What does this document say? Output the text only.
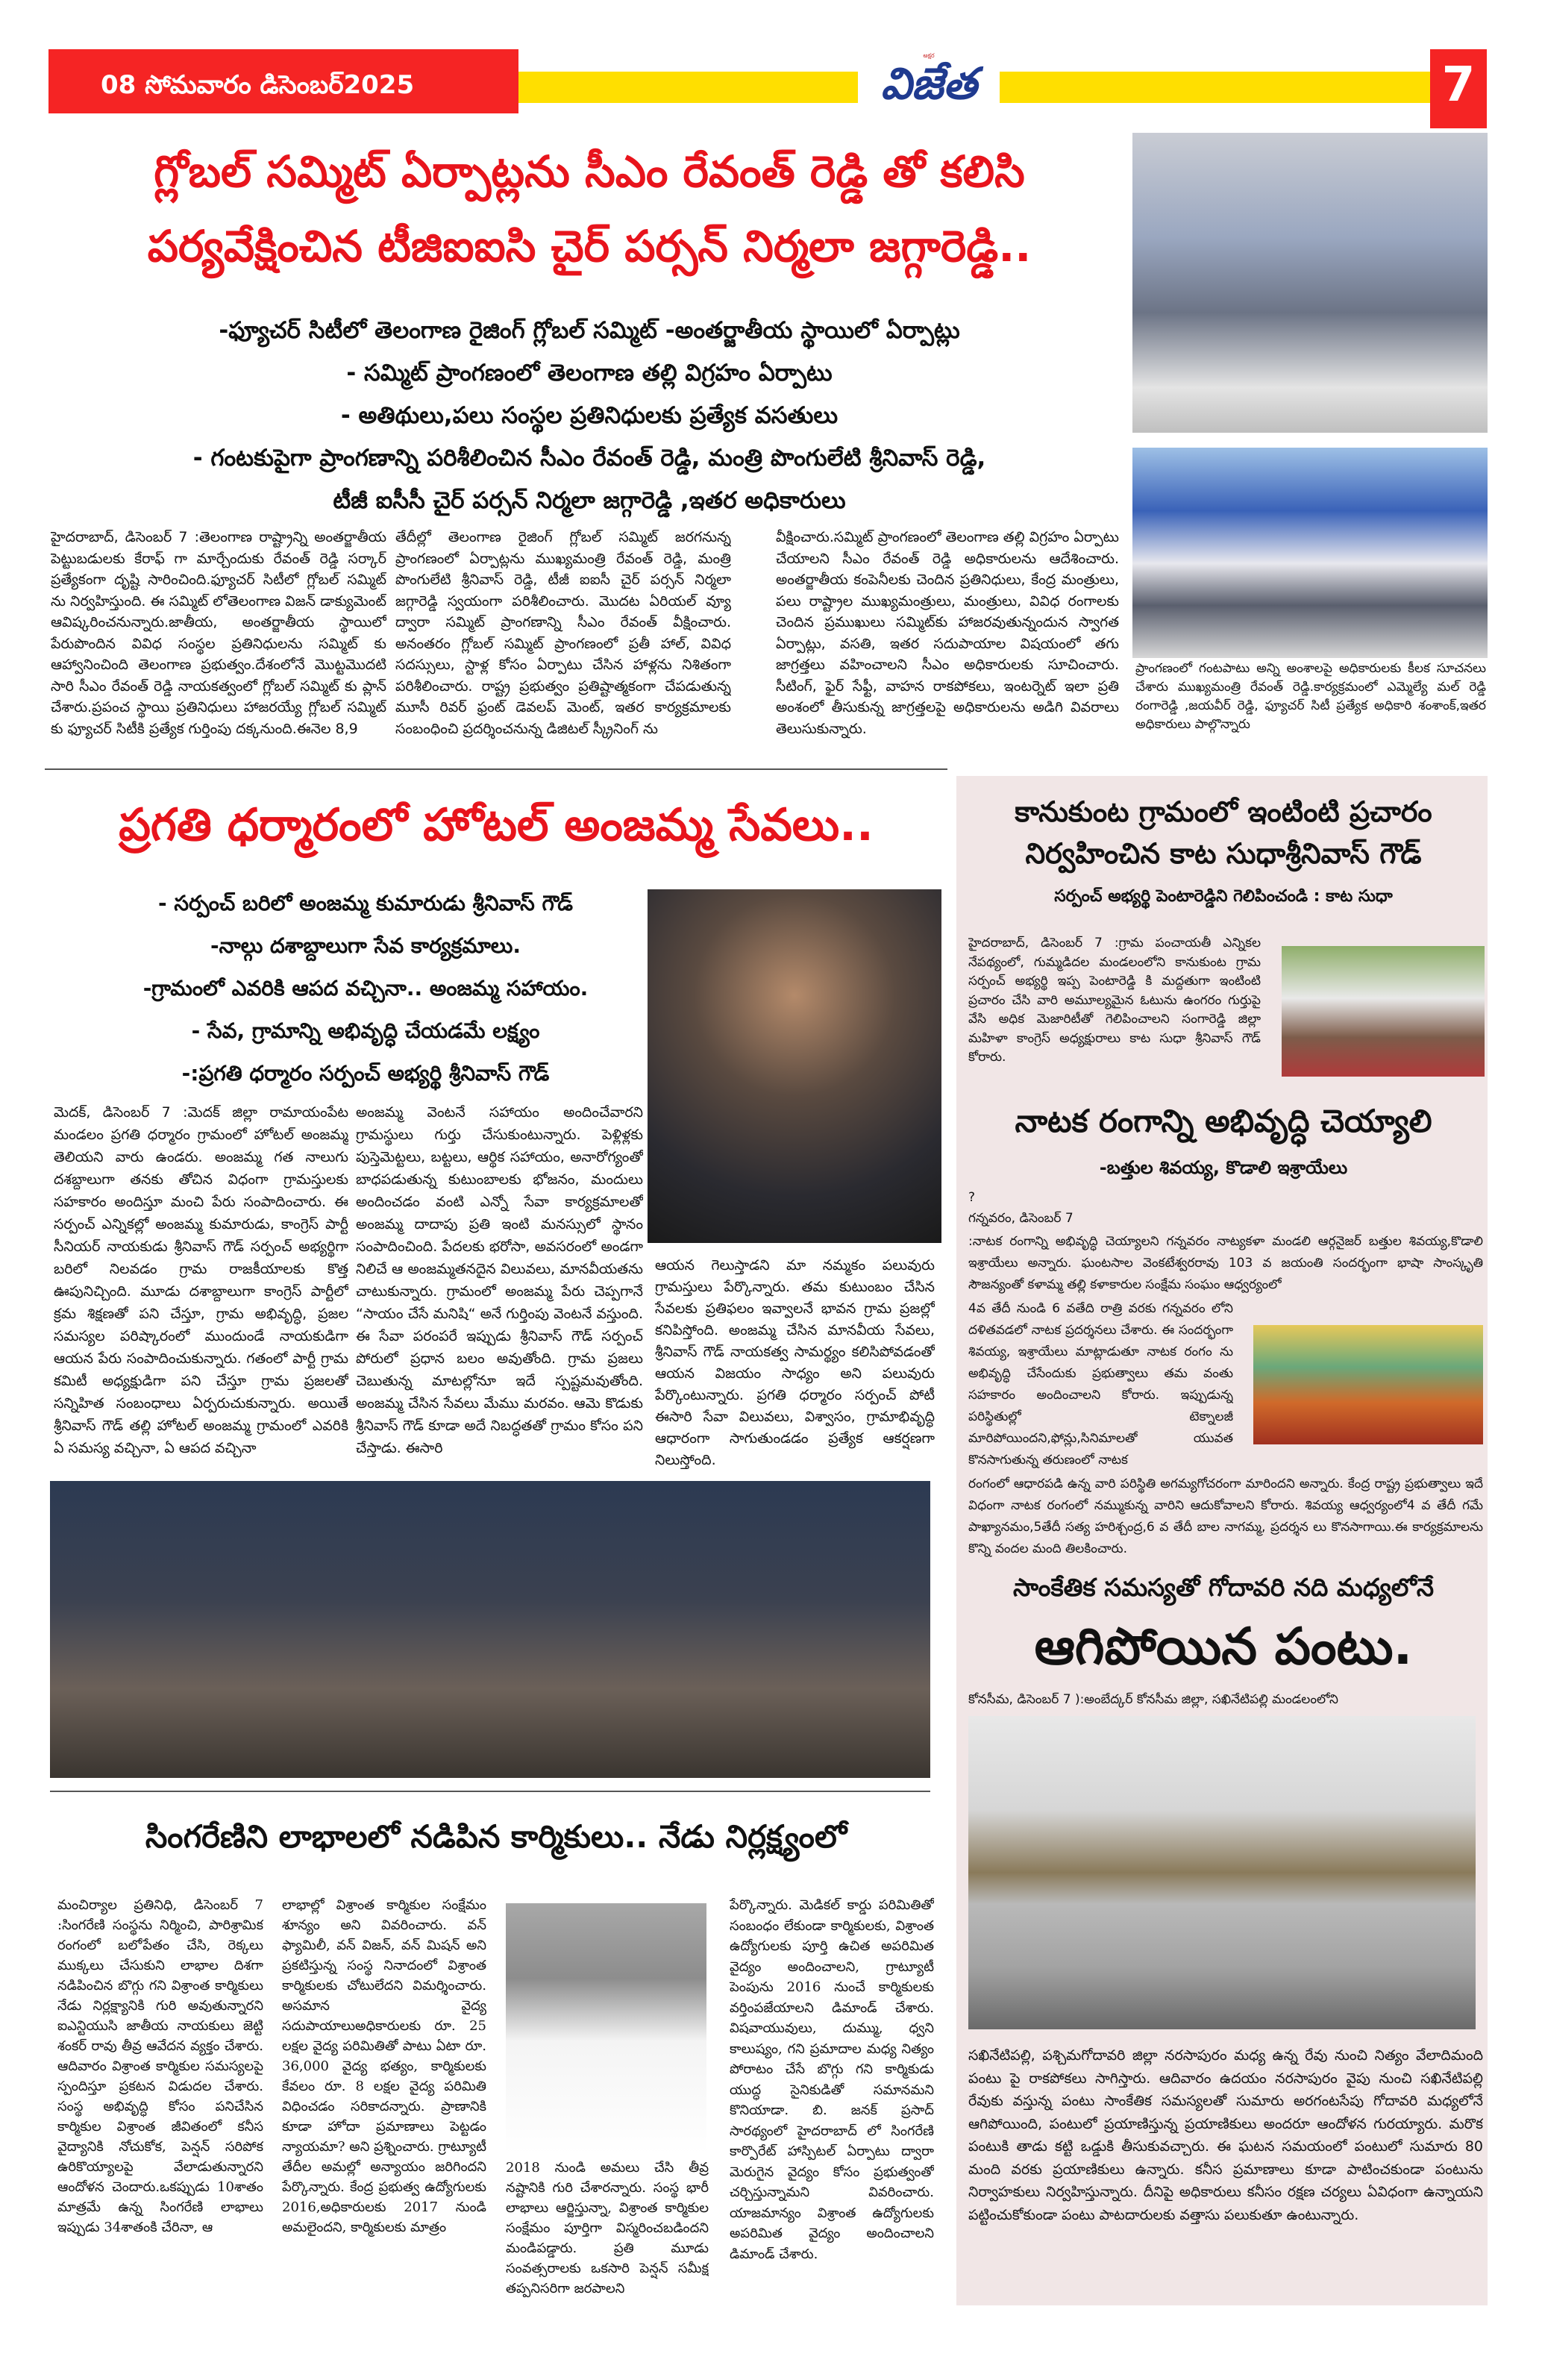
08 సోమవారం డిసెంబర్2025
అక్షర
విజేత	7
గ్లోబల్ సమ్మిట్ ఏర్పాట్లను సీఎం రేవంత్ రెడ్డి తో కలిసి
పర్యవేక్షించిన టీజిఐఐసి చైర్ పర్సన్ నిర్మలా జగ్గారెడ్డి..
-ఫ్యూచర్ సిటీలో తెలంగాణ రైజింగ్ గ్లోబల్ సమ్మిట్ -అంతర్జాతీయ స్థాయిలో ఏర్పాట్లు
- సమ్మిట్ ప్రాంగణంలో తెలంగాణ తల్లి విగ్రహం ఏర్పాటు
- అతిథులు,పలు సంస్థల ప్రతినిధులకు ప్రత్యేక వసతులు
- గంటకుపైగా ప్రాంగణాన్ని పరిశీలించిన సీఎం రేవంత్ రెడ్డి, మంత్రి పొంగులేటి శ్రీనివాస్ రెడ్డి,
టీజీ ఐసీసీ చైర్ పర్సన్ నిర్మలా జగ్గారెడ్డి ,ఇతర అధికారులు
హైదరాబాద్, డిసెంబర్ 7 :తెలంగాణ రాష్ట్రాన్ని అంతర్జాతీయ పెట్టుబడులకు కేరాఫ్ గా మార్చేందుకు రేవంత్ రెడ్డి సర్కార్ ప్రత్యేకంగా దృష్టి సారించింది.ఫ్యూచర్ సిటీలో గ్లోబల్ సమ్మిట్ ను నిర్వహిస్తుంది. ఈ సమ్మిట్ లోతెలంగాణ విజన్ డాక్యుమెంట్ ఆవిష్కరించనున్నారు.జాతీయ, అంతర్జాతీయ స్థాయిలో పేరుపొందిన వివిధ సంస్థల ప్రతినిధులను సమ్మిట్ కు ఆహ్వానించింది తెలంగాణ ప్రభుత్వం.దేశంలోనే మొట్టమొదటి సారి సీఎం రేవంత్ రెడ్డి నాయకత్వంలో గ్లోబల్ సమ్మిట్ కు ప్లాన్ చేశారు.ప్రపంచ స్థాయి ప్రతినిధులు హాజరయ్యే గ్లోబల్ సమ్మిట్ కు ఫ్యూచర్ సిటీకి ప్రత్యేక గుర్తింపు దక్కనుంది.ఈనెల 8,9
తేదీల్లో తెలంగాణ రైజింగ్ గ్లోబల్ సమ్మిట్ జరగనున్న ప్రాంగణంలో ఏర్పాట్లను ముఖ్యమంత్రి రేవంత్ రెడ్డి, మంత్రి పొంగులేటి శ్రీనివాస్ రెడ్డి, టీజీ ఐఐసీ చైర్ పర్సన్ నిర్మలా జగ్గారెడ్డి స్వయంగా పరిశీలించారు. మొదట ఏరియల్ వ్యూ ద్వారా సమ్మిట్ ప్రాంగణాన్ని సీఎం రేవంత్ వీక్షించారు. అనంతరం గ్లోబల్ సమ్మిట్ ప్రాంగణంలో ప్రతీ హాల్, వివిధ సదస్సులు, స్టాళ్ల కోసం ఏర్పాటు చేసిన హాళ్లను నిశితంగా పరిశీలించారు. రాష్ట్ర ప్రభుత్వం ప్రతిష్టాత్మకంగా చేపడుతున్న మూసీ రివర్ ఫ్రంట్ డెవలప్ మెంట్, ఇతర కార్యక్రమాలకు సంబంధించి ప్రదర్శించనున్న డిజిటల్ స్క్రీనింగ్ ను
వీక్షించారు.సమ్మిట్ ప్రాంగణంలో తెలంగాణ తల్లి విగ్రహం ఏర్పాటు చేయాలని సీఎం రేవంత్ రెడ్డి అధికారులను ఆదేశించారు. అంతర్జాతీయ కంపెనీలకు చెందిన ప్రతినిధులు, కేంద్ర మంత్రులు, పలు రాష్ట్రాల ముఖ్యమంత్రులు, మంత్రులు, వివిధ రంగాలకు చెందిన ప్రముఖులు సమ్మిట్‌కు హాజరవుతున్నందున స్వాగత ఏర్పాట్లు, వసతి, ఇతర సదుపాయాల విషయంలో తగు జాగ్రత్తలు వహించాలని సీఎం అధికారులకు సూచించారు. సీటింగ్, ఫైర్ సేఫ్టీ, వాహన రాకపోకలు, ఇంటర్నెట్ ఇలా ప్రతి అంశంలో తీసుకున్న జాగ్రత్తలపై అధికారులను అడిగి వివరాలు తెలుసుకున్నారు.
ప్రాంగణంలో గంటపాటు అన్ని అంశాలపై అధికారులకు కీలక సూచనలు చేశారు ముఖ్యమంత్రి రేవంత్ రెడ్డి.కార్యక్రమంలో ఎమ్మెల్యే మల్ రెడ్డి రంగారెడ్డి ,జయవీర్ రెడ్డి, ఫ్యూచర్ సిటీ ప్రత్యేక అధికారి శంశాంక్,ఇతర అధికారులు పాల్గొన్నారు
ప్రగతి ధర్మారంలో హోటల్ అంజమ్మ సేవలు..
- సర్పంచ్ బరిలో అంజమ్మ కుమారుడు శ్రీనివాస్ గౌడ్
-నాల్గు దశాబ్దాలుగా సేవ కార్యక్రమాలు.
-గ్రామంలో ఎవరికి ఆపద వచ్చినా.. అంజమ్మ సహాయం.
- సేవ, గ్రామాన్ని అభివృద్ధి చేయడమే లక్ష్యం
-:ప్రగతి ధర్మారం సర్పంచ్ అభ్యర్థి శ్రీనివాస్ గౌడ్
మెదక్, డిసెంబర్ 7 :మెదక్ జిల్లా రామాయంపేట మండలం ప్రగతి ధర్మారం గ్రామంలో హోటల్ అంజమ్మ తెలియని వారు ఉండరు. అంజమ్మ గత నాలుగు దశబ్దాలుగా తనకు తోచిన విధంగా గ్రామస్తులకు సహకారం అందిస్తూ మంచి పేరు సంపాదించారు. ఈ సర్పంచ్ ఎన్నికల్లో అంజమ్మ కుమారుడు, కాంగ్రెస్ పార్టీ సీనియర్ నాయకుడు శ్రీనివాస్ గౌడ్ సర్పంచ్ అభ్యర్థిగా బరిలో నిలవడం గ్రామ రాజకీయాలకు కొత్త ఊపునిచ్చింది. మూడు దశాబ్దాలుగా కాంగ్రెస్ పార్టీలో క్రమ శిక్షణతో పని చేస్తూ, గ్రామ అభివృద్ధి, ప్రజల సమస్యల పరిష్కారంలో ముందుండే నాయకుడిగా ఆయన పేరు సంపాదించుకున్నారు. గతంలో పార్టీ గ్రామ కమిటీ అధ్యక్షుడిగా పని చేస్తూ గ్రామ ప్రజలతో సన్నిహిత సంబంధాలు ఏర్పరుచుకున్నారు. అయితే శ్రీనివాస్ గౌడ్ తల్లి హోటల్ అంజమ్మ గ్రామంలో ఎవరికి ఏ సమస్య వచ్చినా, ఏ ఆపద వచ్చినా
అంజమ్మ వెంటనే సహాయం అందించేవారని గ్రామస్థులు గుర్తు చేసుకుంటున్నారు. పెళ్లిళ్లకు పుస్తెమెట్టలు, బట్టలు, ఆర్థిక సహాయం, అనారోగ్యంతో బాధపడుతున్న కుటుంబాలకు భోజనం, మందులు అందించడం వంటి ఎన్నో సేవా కార్యక్రమాలతో అంజమ్మ దాదాపు ప్రతి ఇంటి మనస్సులో స్థానం సంపాదించింది. పేదలకు భరోసా, అవసరంలో అండగా నిలిచే ఆ అంజమ్మతనదైన విలువలు, మానవీయతను చాటుకున్నారు. గ్రామంలో అంజమ్మ పేరు చెప్పగానే “సాయం చేసే మనిషి“ అనే గుర్తింపు వెంటనే వస్తుంది. ఈ సేవా పరంపరే ఇప్పుడు శ్రీనివాస్ గౌడ్ సర్పంచ్ పోరులో ప్రధాన బలం అవుతోంది. గ్రామ ప్రజలు చెబుతున్న మాటల్లోనూ ఇదే స్పష్టమవుతోంది. అంజమ్మ చేసిన సేవలు మేము మరవం. ఆమె కొడుకు శ్రీనివాస్ గౌడ్ కూడా అదే నిబద్ధతతో గ్రామం కోసం పని చేస్తాడు. ఈసారి
ఆయన గెలుస్తాడని మా నమ్మకం పలువురు గ్రామస్తులు పేర్కొన్నారు. తమ కుటుంబం చేసిన సేవలకు ప్రతిఫలం ఇవ్వాలనే భావన గ్రామ ప్రజల్లో కనిపిస్తోంది. అంజమ్మ చేసిన మానవీయ సేవలు, శ్రీనివాస్ గౌడ్ నాయకత్వ సామర్థ్యం కలిసిపోవడంతో ఆయన విజయం సాధ్యం అని పలువురు పేర్కొంటున్నారు. ప్రగతి ధర్మారం సర్పంచ్ పోటీ ఈసారి సేవా విలువలు, విశ్వాసం, గ్రామాభివృద్ధి ఆధారంగా సాగుతుండడం ప్రత్యేక ఆకర్షణగా నిలుస్తోంది.
సింగరేణిని లాభాలలో నడిపిన కార్మికులు.. నేడు నిర్లక్ష్యంలో
మంచిర్యాల ప్రతినిధి, డిసెంబర్ 7 :సింగరేణి సంస్థను నిర్మించి, పారిశ్రామిక రంగంలో బలోపేతం చేసి, రెక్కలు ముక్కలు చేసుకుని లాభాల దిశగా నడిపించిన బొగ్గు గని విశ్రాంత కార్మికులు నేడు నిర్లక్ష్యానికి గురి అవుతున్నారని ఐఎన్టియుసి జాతీయ నాయకులు జెట్టి శంకర్ రావు తీవ్ర ఆవేదన వ్యక్తం చేశారు. ఆదివారం విశ్రాంత కార్మికుల సమస్యలపై స్పందిస్తూ ప్రకటన విడుదల చేశారు. సంస్థ అభివృద్ధి కోసం పనిచేసిన కార్మికుల విశ్రాంత జీవితంలో కనీస వైద్యానికి నోచుకోక, పెన్షన్ సరిపోక ఉరికొయ్యాలపై వేలాడుతున్నారని ఆందోళన చెందారు.ఒకప్పుడు 10శాతం మాత్రమే ఉన్న సింగరేణి లాభాలు ఇప్పుడు 34శాతంకి చేరినా, ఆ
లాభాల్లో విశ్రాంత కార్మికుల సంక్షేమం శూన్యం అని వివరించారు. వన్ ఫ్యామిలీ, వన్ విజన్, వన్ మిషన్ అని ప్రకటిస్తున్న సంస్థ నినాదంలో విశ్రాంత కార్మికులకు చోటులేదని విమర్శించారు. అసమాన వైద్య సదుపాయాలుఅధికారులకు రూ. 25 లక్షల వైద్య పరిమితితో పాటు ఏటా రూ. 36,000 వైద్య భత్యం, కార్మికులకు కేవలం రూ. 8 లక్షల వైద్య పరిమితి విధించడం సరికాదన్నారు. ప్రాణానికి కూడా హోదా ప్రమాణాలు పెట్టడం న్యాయమా? అని ప్రశ్నించారు. గ్రాట్యూటీ తేదీల అమల్లో అన్యాయం జరిగిందని పేర్కొన్నారు. కేంద్ర ప్రభుత్వ ఉద్యోగులకు 2016,అధికారులకు 2017 నుండి అమలైందని, కార్మికులకు మాత్రం
2018 నుండి అమలు చేసి తీవ్ర నష్టానికి గురి చేశారన్నారు. సంస్థ భారీ లాభాలు ఆర్జిస్తున్నా, విశ్రాంత కార్మికుల సంక్షేమం పూర్తిగా విస్మరించబడిందని మండిపడ్డారు. ప్రతి మూడు సంవత్సరాలకు ఒకసారి పెన్షన్ సమీక్ష తప్పనిసరిగా జరపాలని
పేర్కొన్నారు. మెడికల్ కార్డు పరిమితితో సంబంధం లేకుండా కార్మికులకు, విశ్రాంత ఉద్యోగులకు పూర్తి ఉచిత అపరిమిత వైద్యం అందించాలని, గ్రాట్యూటీ పెంపును 2016 నుంచే కార్మికులకు వర్తింపజేయాలని డిమాండ్ చేశారు. విషవాయువులు, దుమ్ము, ధ్వని కాలుష్యం, గని ప్రమాదాల మధ్య నిత్యం పోరాటం చేసే బొగ్గు గని కార్మికుడు యుద్ధ సైనికుడితో సమానమని కొనియాడా. బి. జనక్ ప్రసాద్ సారథ్యంలో హైదరాబాద్ లో సింగరేణి కార్పొరేట్ హాస్పిటల్ ఏర్పాటు ద్వారా మెరుగైన వైద్యం కోసం ప్రభుత్వంతో చర్చిస్తున్నామని వివరించారు. యాజమాన్యం విశ్రాంత ఉద్యోగులకు అపరిమిత వైద్యం అందించాలని డిమాండ్ చేశారు.
కానుకుంట గ్రామంలో ఇంటింటి ప్రచారం
నిర్వహించిన కాట సుధాశ్రీనివాస్ గౌడ్
సర్పంచ్ అభ్యర్థి పెంటారెడ్డిని గెలిపించండి : కాట సుధా
హైదరాబాద్, డిసెంబర్ 7 :గ్రామ పంచాయతీ ఎన్నికల నేపథ్యంలో, గుమ్మడిదల మండలంలోని కానుకుంట గ్రామ సర్పంచ్ అభ్యర్థి ఇప్ప పెంటారెడ్డి కి మద్దతుగా ఇంటింటి ప్రచారం చేసి వారి అమూల్యమైన ఓటును ఉంగరం గుర్తుపై వేసి అధిక మెజారిటీతో గెలిపించాలని సంగారెడ్డి జిల్లా మహిళా కాంగ్రెస్ అధ్యక్షురాలు కాట సుధా శ్రీనివాస్ గౌడ్ కోరారు.
నాటక రంగాన్ని అభివృద్ధి చెయ్యాలి
-బత్తుల శివయ్య, కొడాలి ఇశ్రాయేలు
?
గన్నవరం, డిసెంబర్ 7
:నాటక రంగాన్ని అభివృద్ధి చెయ్యాలని గన్నవరం నాట్యకళా మండలి ఆర్గనైజర్ బత్తుల శివయ్య,కొడాలి ఇశ్రాయేలు అన్నారు. ఘంటసాల వెంకటేశ్వరరావు 103 వ జయంతి సందర్భంగా భాషా సాంస్కృతి సౌజన్యంతో కళామ్మ తల్లి కళాకారుల సంక్షేమ సంఘం ఆధ్వర్యంలో
4వ తేదీ నుండి 6 వతేది రాత్రి వరకు గన్నవరం లోని దళితవడలో నాటక ప్రదర్శనలు చేశారు. ఈ సందర్భంగా శివయ్య, ఇశ్రాయేలు మాట్లాడుతూ నాటక రంగం ను అభివృద్ధి చేసేందుకు ప్రభుత్వాలు తమ వంతు సహకారం అందించాలని కోరారు. ఇప్పుడున్న పరిస్థితుల్లో టెక్నాలజీ మారిపోయిందని,ఫోన్లు,సినిమాలతో యువత కొనసాగుతున్న తరుణంలో నాటక
రంగంలో ఆధారపడి ఉన్న వారి పరిస్థితి అగమ్యగోచరంగా మారిందని అన్నారు. కేంద్ర రాష్ట్ర ప్రభుత్వాలు ఇదే విధంగా నాటక రంగంలో నమ్ముకున్న వారిని ఆదుకోవాలని కోరారు. శివయ్య ఆధ్వర్యంలో4 వ తేదీ గమే పాఖ్యానమం,5తేదీ సత్య హరిశ్చంద్ర,6 వ తేదీ బాల నాగమ్మ, ప్రదర్శన లు కొనసాగాయి.ఈ కార్యక్రమాలను కొన్ని వందల మంది తిలకించారు.
సాంకేతిక సమస్యతో గోదావరి నది మధ్యలోనే
ఆగిపోయిన పంటు.
కోనసీమ, డిసెంబర్ 7 ):అంబేద్కర్ కోనసీమ జిల్లా, సఖినేటిపల్లి మండలంలోని
సఖినేటిపల్లి, పశ్చిమగోదావరి జిల్లా నరసాపురం మధ్య ఉన్న రేవు నుంచి నిత్యం వేలాదిమంది పంటు పై రాకపోకలు సాగిస్తారు. ఆదివారం ఉదయం నరసాపురం వైపు నుంచి సఖినేటిపల్లి రేవుకు వస్తున్న పంటు సాంకేతిక సమస్యలతో సుమారు అరగంటసేపు గోదావరి మధ్యలోనే ఆగిపోయింది, పంటులో ప్రయాణిస్తున్న ప్రయాణికులు అందరూ ఆందోళన గురయ్యారు. మరొక పంటుకి తాడు కట్టి ఒడ్డుకి తీసుకువచ్చారు. ఈ ఘటన సమయంలో పంటులో సుమారు 80 మంది వరకు ప్రయాణికులు ఉన్నారు. కనీస ప్రమాణాలు కూడా పాటించకుండా పంటును నిర్వాహకులు నిర్వహిస్తున్నారు. దీనిపై అధికారులు కనీసం రక్షణ చర్యలు ఏవిధంగా ఉన్నాయని పట్టించుకోకుండా పంటు పాటదారులకు వత్తాసు పలుకుతూ ఉంటున్నారు.
